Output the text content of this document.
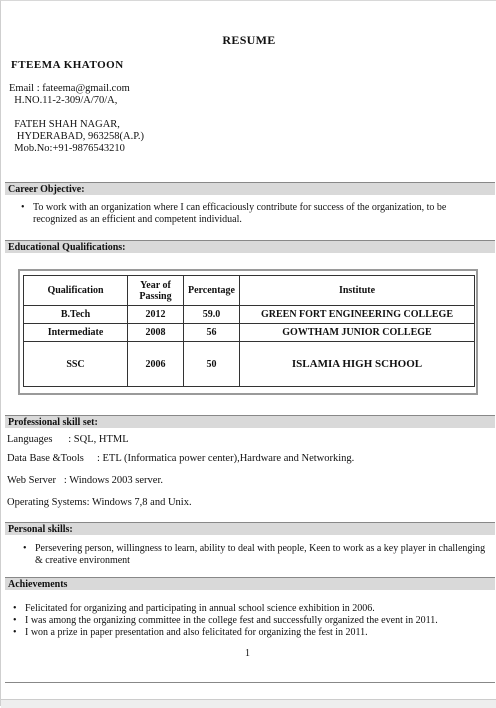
RESUME
FTEEMA KHATOON
Email : fateema@gmail.com
H.NO.11-2-309/A/70/A,
FATEH SHAH NAGAR,
HYDERABAD, 963258(A.P.)
Mob.No:+91-9876543210
Career Objective:
• To work with an organization where I can efficaciously contribute for success of the organization, to be recognized as an efficient and competent individual.
Educational Qualifications:
Qualification	Year of Passing	Percentage	Institute
B.Tech	2012	59.0	GREEN FORT ENGINEERING COLLEGE
Intermediate	2008	56	GOWTHAM JUNIOR COLLEGE
SSC	2006	50	ISLAMIA HIGH SCHOOL
Professional skill set:
Languages      : SQL, HTML
Data Base &Tools     : ETL (Informatica power center),Hardware and Networking.
Web Server   : Windows 2003 server.
Operating Systems: Windows 7,8 and Unix.
Personal skills:
• Persevering person, willingness to learn, ability to deal with people, Keen to work as a key player in challenging & creative environment
Achievements
• Felicitated for organizing and participating in annual school science exhibition in 2006.
• I was among the organizing committee in the college fest and successfully organized the event in 2011.
• I won a prize in paper presentation and also felicitated for organizing the fest in 2011.
1
